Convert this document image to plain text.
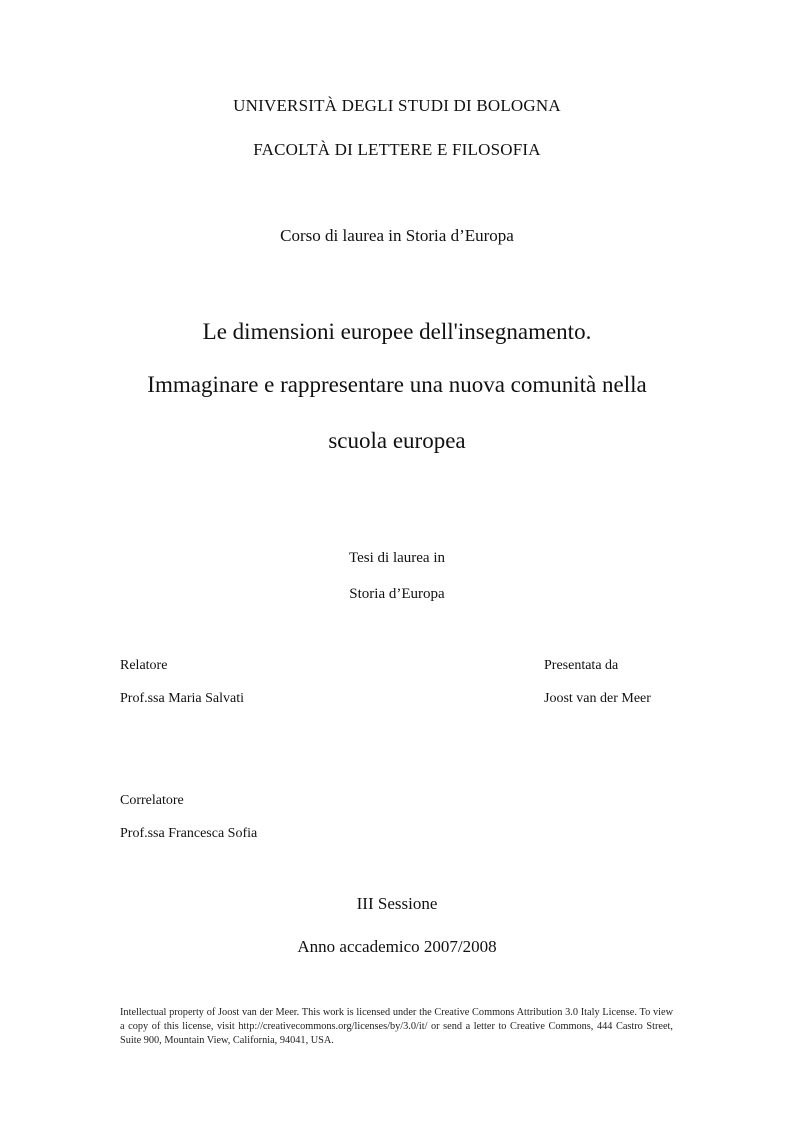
UNIVERSITÀ DEGLI STUDI DI BOLOGNA
FACOLTÀ DI LETTERE E FILOSOFIA
Corso di laurea in Storia d’Europa
Le dimensioni europee dell'insegnamento.
Immaginare e rappresentare una nuova comunità nella
scuola europea
Tesi di laurea in
Storia d’Europa
Relatore
Prof.ssa Maria Salvati
Presentata da
Joost van der Meer
Correlatore
Prof.ssa Francesca Sofia
III Sessione
Anno accademico 2007/2008

Intellectual property of Joost van der Meer. This work is licensed under the Creative Commons Attribution 3.0 Italy License. To view a copy of this license, visit http://creativecommons.org/licenses/by/3.0/it/ or send a letter to Creative Commons, 444 Castro Street, Suite 900, Mountain View, California, 94041, USA.
